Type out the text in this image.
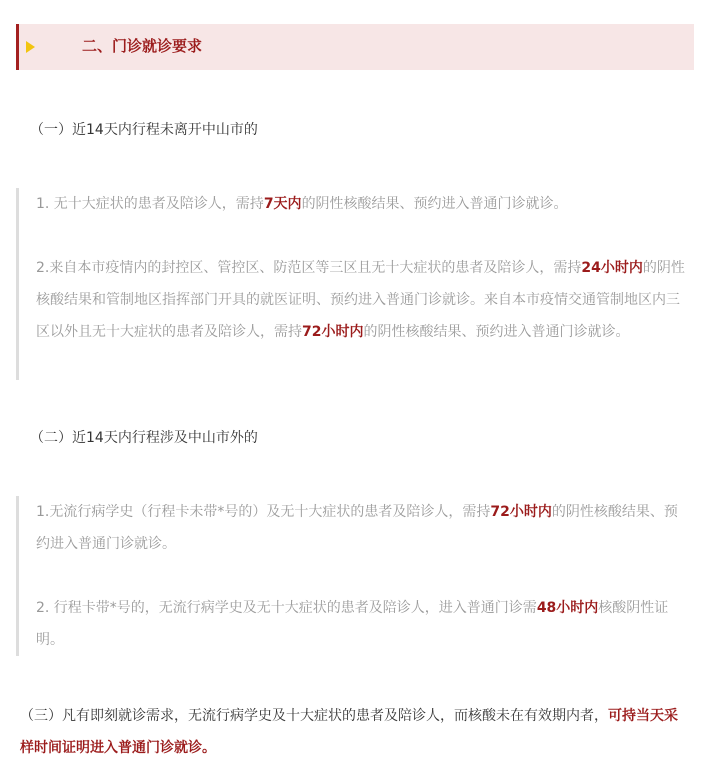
二、门诊就诊要求
（一）近14天内行程未离开中山市的

1. 无十大症状的患者及陪诊人，需持7天内的阴性核酸结果、预约进入普通门诊就诊。

2.来自本市疫情内的封控区、管控区、防范区等三区且无十大症状的患者及陪诊人，需持24小时内的阴性核酸结果和管制地区指挥部门开具的就医证明、预约进入普通门诊就诊。来自本市疫情交通管制地区内三区以外且无十大症状的患者及陪诊人，需持72小时内的阴性核酸结果、预约进入普通门诊就诊。

（二）近14天内行程涉及中山市外的

1.无流行病学史（行程卡未带*号的）及无十大症状的患者及陪诊人，需持72小时内的阴性核酸结果、预约进入普通门诊就诊。

2. 行程卡带*号的，无流行病学史及无十大症状的患者及陪诊人，进入普通门诊需48小时内核酸阴性证明。

（三）凡有即刻就诊需求，无流行病学史及十大症状的患者及陪诊人，而核酸未在有效期内者，可持当天采样时间证明进入普通门诊就诊。
